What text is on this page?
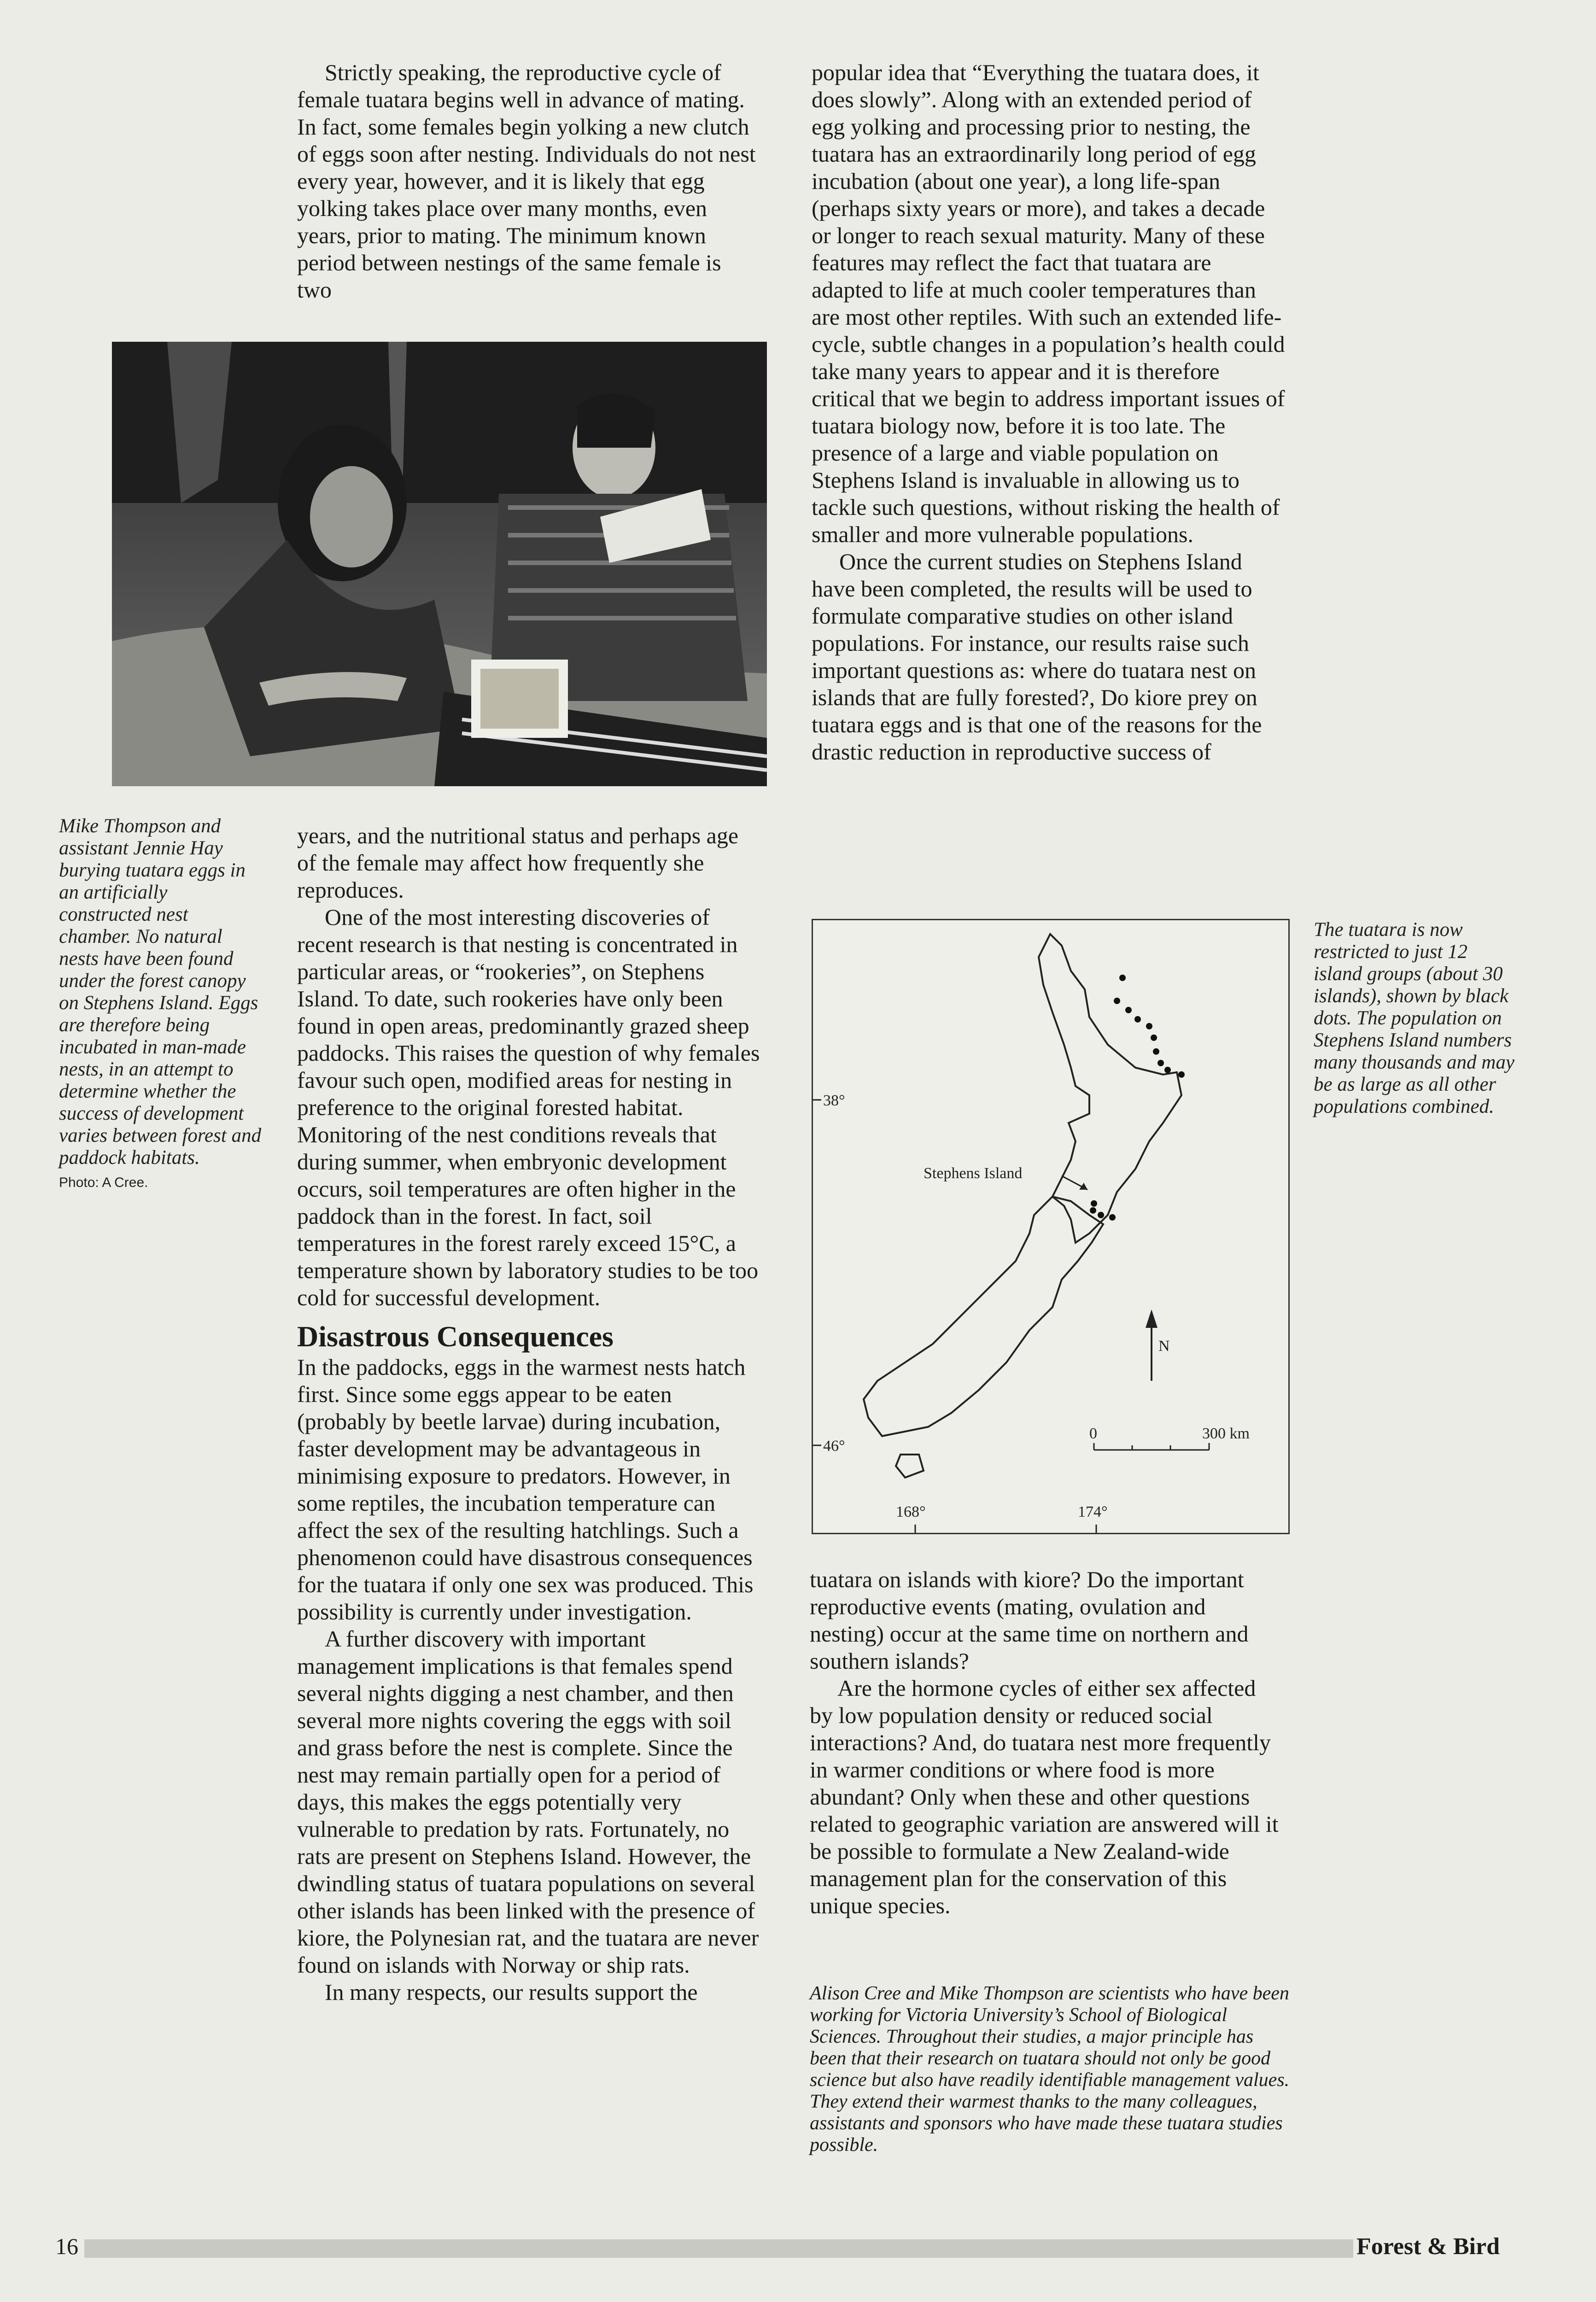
Strictly speaking, the reproductive cycle of female tuatara begins well in advance of mating. In fact, some females begin yolking a new clutch of eggs soon after nesting. Individuals do not nest every year, however, and it is likely that egg yolking takes place over many months, even years, prior to mating. The minimum known period between nestings of the same female is two

Mike Thompson and assistant Jennie Hay burying tuatara eggs in an artificially constructed nest chamber. No natural nests have been found under the forest canopy on Stephens Island. Eggs are therefore being incubated in man-made nests, in an attempt to determine whether the success of development varies between forest and paddock habitats.
Photo: A Cree.

years, and the nutritional status and perhaps age of the female may affect how frequently she reproduces.

One of the most interesting discoveries of recent research is that nesting is concentrated in particular areas, or “rookeries”, on Stephens Island. To date, such rookeries have only been found in open areas, predominantly grazed sheep paddocks. This raises the question of why females favour such open, modified areas for nesting in preference to the original forested habitat. Monitoring of the nest conditions reveals that during summer, when embryonic development occurs, soil temperatures are often higher in the paddock than in the forest. In fact, soil temperatures in the forest rarely exceed 15°C, a temperature shown by laboratory studies to be too cold for successful development.

Disastrous Consequences

In the paddocks, eggs in the warmest nests hatch first. Since some eggs appear to be eaten (probably by beetle larvae) during incubation, faster development may be advantageous in minimising exposure to predators. However, in some reptiles, the incubation temperature can affect the sex of the resulting hatchlings. Such a phenomenon could have disastrous consequences for the tuatara if only one sex was produced. This possibility is currently under investigation.

A further discovery with important management implications is that females spend several nights digging a nest chamber, and then several more nights covering the eggs with soil and grass before the nest is complete. Since the nest may remain partially open for a period of days, this makes the eggs potentially very vulnerable to predation by rats. Fortunately, no rats are present on Stephens Island. However, the dwindling status of tuatara populations on several other islands has been linked with the presence of kiore, the Polynesian rat, and the tuatara are never found on islands with Norway or ship rats.

In many respects, our results support the

popular idea that “Everything the tuatara does, it does slowly”. Along with an extended period of egg yolking and processing prior to nesting, the tuatara has an extraordinarily long period of egg incubation (about one year), a long life-span (perhaps sixty years or more), and takes a decade or longer to reach sexual maturity. Many of these features may reflect the fact that tuatara are adapted to life at much cooler temperatures than are most other reptiles. With such an extended life-cycle, subtle changes in a population’s health could take many years to appear and it is therefore critical that we begin to address important issues of tuatara biology now, before it is too late. The presence of a large and viable population on Stephens Island is invaluable in allowing us to tackle such questions, without risking the health of smaller and more vulnerable populations.

Once the current studies on Stephens Island have been completed, the results will be used to formulate comparative studies on other island populations. For instance, our results raise such important questions as: where do tuatara nest on islands that are fully forested?, Do kiore prey on tuatara eggs and is that one of the reasons for the drastic reduction in reproductive success of

38°
46°
168°	174°
Stephens Island
N
0	300 km
The tuatara is now restricted to just 12 island groups (about 30 islands), shown by black dots. The population on Stephens Island numbers many thousands and may be as large as all other populations combined.

tuatara on islands with kiore? Do the important reproductive events (mating, ovulation and nesting) occur at the same time on northern and southern islands?

Are the hormone cycles of either sex affected by low population density or reduced social interactions? And, do tuatara nest more frequently in warmer conditions or where food is more abundant? Only when these and other questions related to geographic variation are answered will it be possible to formulate a New Zealand-wide management plan for the conservation of this unique species.

Alison Cree and Mike Thompson are scientists who have been working for Victoria University’s School of Biological Sciences. Throughout their studies, a major principle has been that their research on tuatara should not only be good science but also have readily identifiable management values. They extend their warmest thanks to the many colleagues, assistants and sponsors who have made these tuatara studies possible.
16	Forest & Bird
